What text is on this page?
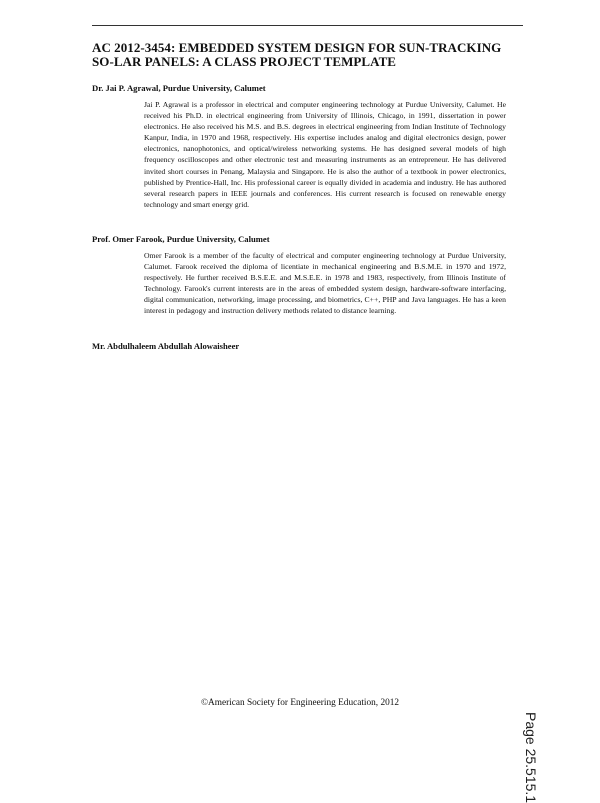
AC 2012-3454: EMBEDDED SYSTEM DESIGN FOR SUN-TRACKING SO-LAR PANELS: A CLASS PROJECT TEMPLATE
Dr. Jai P. Agrawal, Purdue University, Calumet
Jai P. Agrawal is a professor in electrical and computer engineering technology at Purdue University, Calumet. He received his Ph.D. in electrical engineering from University of Illinois, Chicago, in 1991, dissertation in power electronics. He also received his M.S. and B.S. degrees in electrical engineering from Indian Institute of Technology Kanpur, India, in 1970 and 1968, respectively. His expertise includes analog and digital electronics design, power electronics, nanophotonics, and optical/wireless networking systems. He has designed several models of high frequency oscilloscopes and other electronic test and measuring instruments as an entrepreneur. He has delivered invited short courses in Penang, Malaysia and Singapore. He is also the author of a textbook in power electronics, published by Prentice-Hall, Inc. His professional career is equally divided in academia and industry. He has authored several research papers in IEEE journals and conferences. His current research is focused on renewable energy technology and smart energy grid.
Prof. Omer Farook, Purdue University, Calumet
Omer Farook is a member of the faculty of electrical and computer engineering technology at Purdue University, Calumet. Farook received the diploma of licentiate in mechanical engineering and B.S.M.E. in 1970 and 1972, respectively. He further received B.S.E.E. and M.S.E.E. in 1978 and 1983, respectively, from Illinois Institute of Technology. Farook's current interests are in the areas of embedded system design, hardware-software interfacing, digital communication, networking, image processing, and biometrics, C++, PHP and Java languages. He has a keen interest in pedagogy and instruction delivery methods related to distance learning.
Mr. Abdulhaleem Abdullah Alowaisheer
©American Society for Engineering Education, 2012
Page 25.515.1
